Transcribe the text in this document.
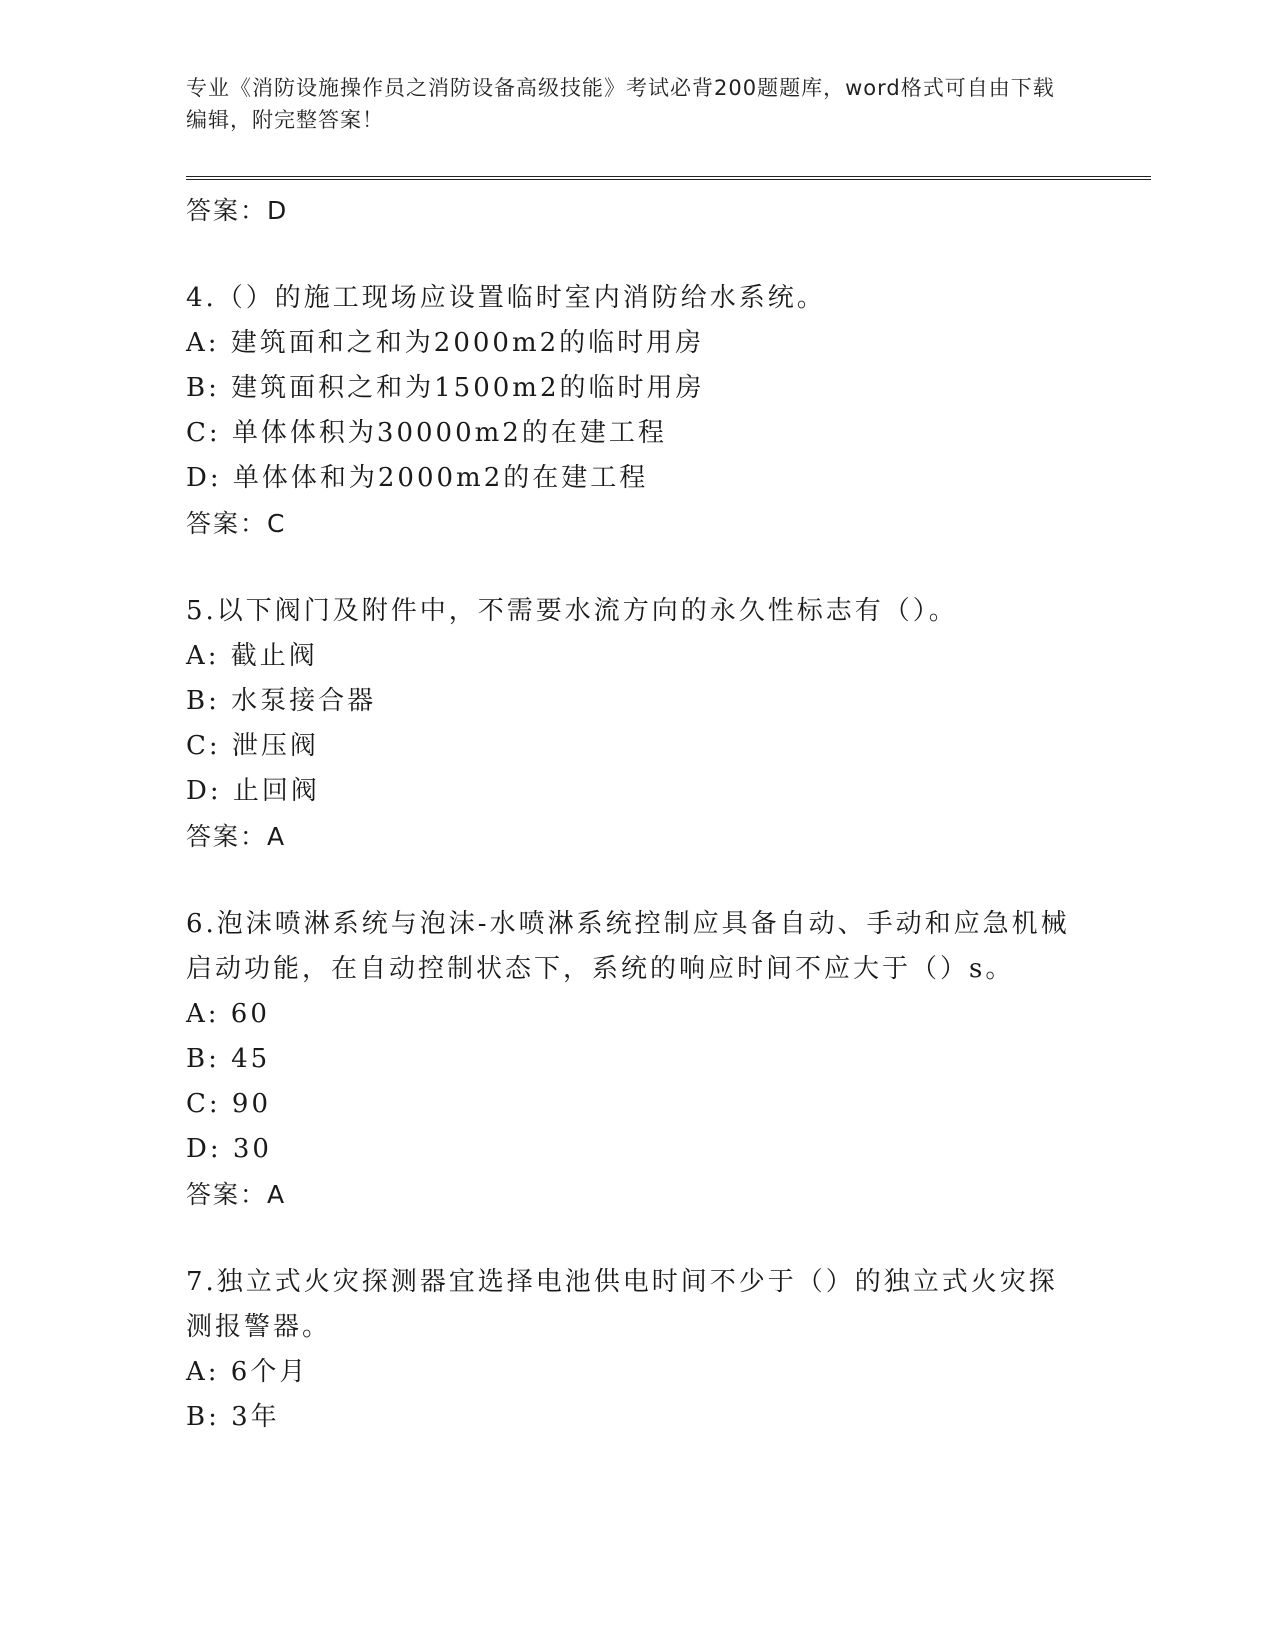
专业《消防设施操作员之消防设备高级技能》考试必背200题题库，word格式可自由下载编辑，附完整答案！
答案：D
4.（）的施工现场应设置临时室内消防给水系统。
A: 建筑面和之和为2000m2的临时用房
B: 建筑面积之和为1500m2的临时用房
C: 单体体积为30000m2的在建工程
D: 单体体和为2000m2的在建工程
答案：C
5.以下阀门及附件中，不需要水流方向的永久性标志有（）。
A: 截止阀
B: 水泵接合器
C: 泄压阀
D: 止回阀
答案：A
6.泡沫喷淋系统与泡沫-水喷淋系统控制应具备自动、手动和应急机械启动功能，在自动控制状态下，系统的响应时间不应大于（）s。
A: 60
B: 45
C: 90
D: 30
答案：A
7.独立式火灾探测器宜选择电池供电时间不少于（）的独立式火灾探测报警器。
A: 6个月
B: 3年
